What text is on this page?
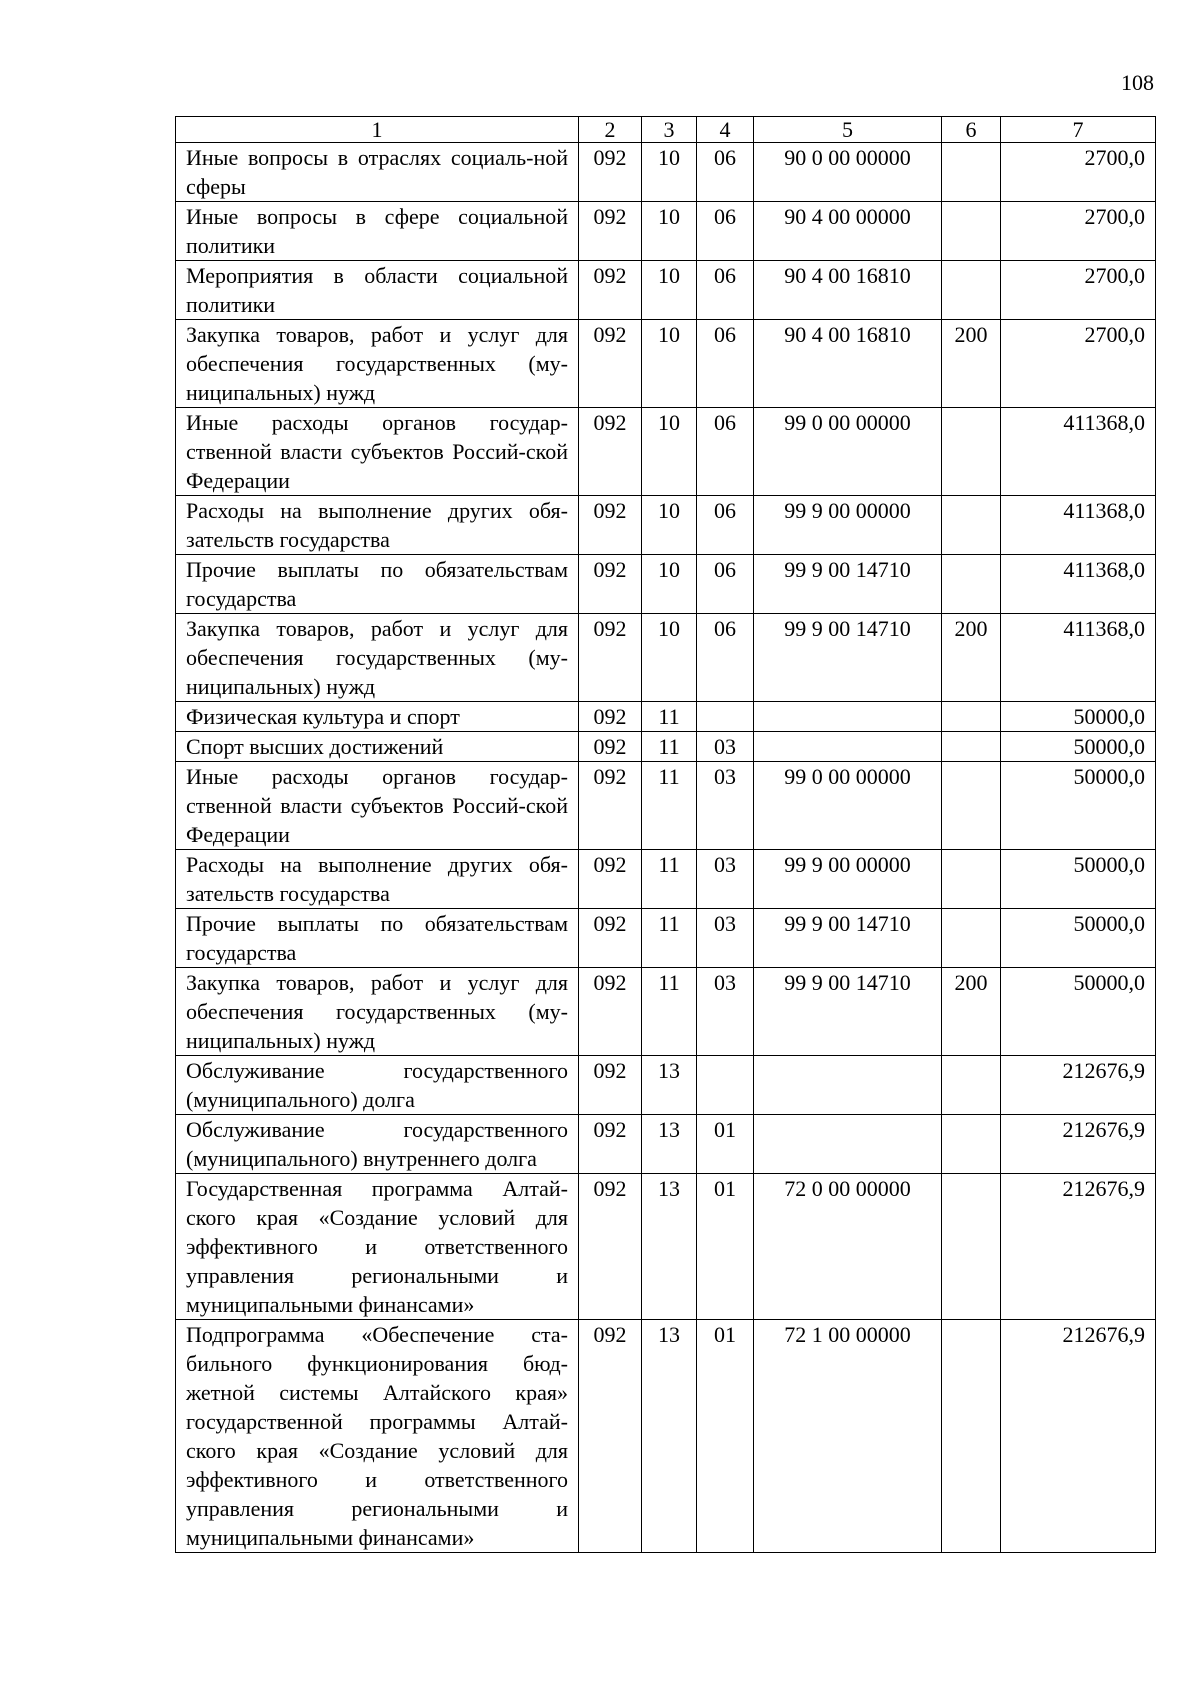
108
1	2	3	4	5	6	7
Иные вопросы в отраслях социаль-ной сферы	092	10	06	90 0 00 00000		2700,0
Иные вопросы в сфере социальной политики	092	10	06	90 4 00 00000		2700,0
Мероприятия в области социальной политики	092	10	06	90 4 00 16810		2700,0
Закупка товаров, работ и услуг для обеспечения государственных (му-ниципальных) нужд	092	10	06	90 4 00 16810	200	2700,0
Иные расходы органов государ-ственной власти субъектов Россий-ской Федерации	092	10	06	99 0 00 00000		411368,0
Расходы на выполнение других обя-зательств государства	092	10	06	99 9 00 00000		411368,0
Прочие выплаты по обязательствам государства	092	10	06	99 9 00 14710		411368,0
Закупка товаров, работ и услуг для обеспечения государственных (му-ниципальных) нужд	092	10	06	99 9 00 14710	200	411368,0
Физическая культура и спорт	092	11				50000,0
Спорт высших достижений	092	11	03			50000,0
Иные расходы органов государ-ственной власти субъектов Россий-ской Федерации	092	11	03	99 0 00 00000		50000,0
Расходы на выполнение других обя-зательств государства	092	11	03	99 9 00 00000		50000,0
Прочие выплаты по обязательствам государства	092	11	03	99 9 00 14710		50000,0
Закупка товаров, работ и услуг для обеспечения государственных (му-ниципальных) нужд	092	11	03	99 9 00 14710	200	50000,0
Обслуживание государственного (муниципального) долга	092	13				212676,9
Обслуживание государственного (муниципального) внутреннего долга	092	13	01			212676,9
Государственная программа Алтай-ского края «Создание условий для эффективного и ответственного управления региональными и муниципальными финансами»	092	13	01	72 0 00 00000		212676,9
Подпрограмма «Обеспечение ста-бильного функционирования бюд-жетной системы Алтайского края» государственной программы Алтай-ского края «Создание условий для эффективного и ответственного управления региональными и муниципальными финансами»	092	13	01	72 1 00 00000		212676,9
